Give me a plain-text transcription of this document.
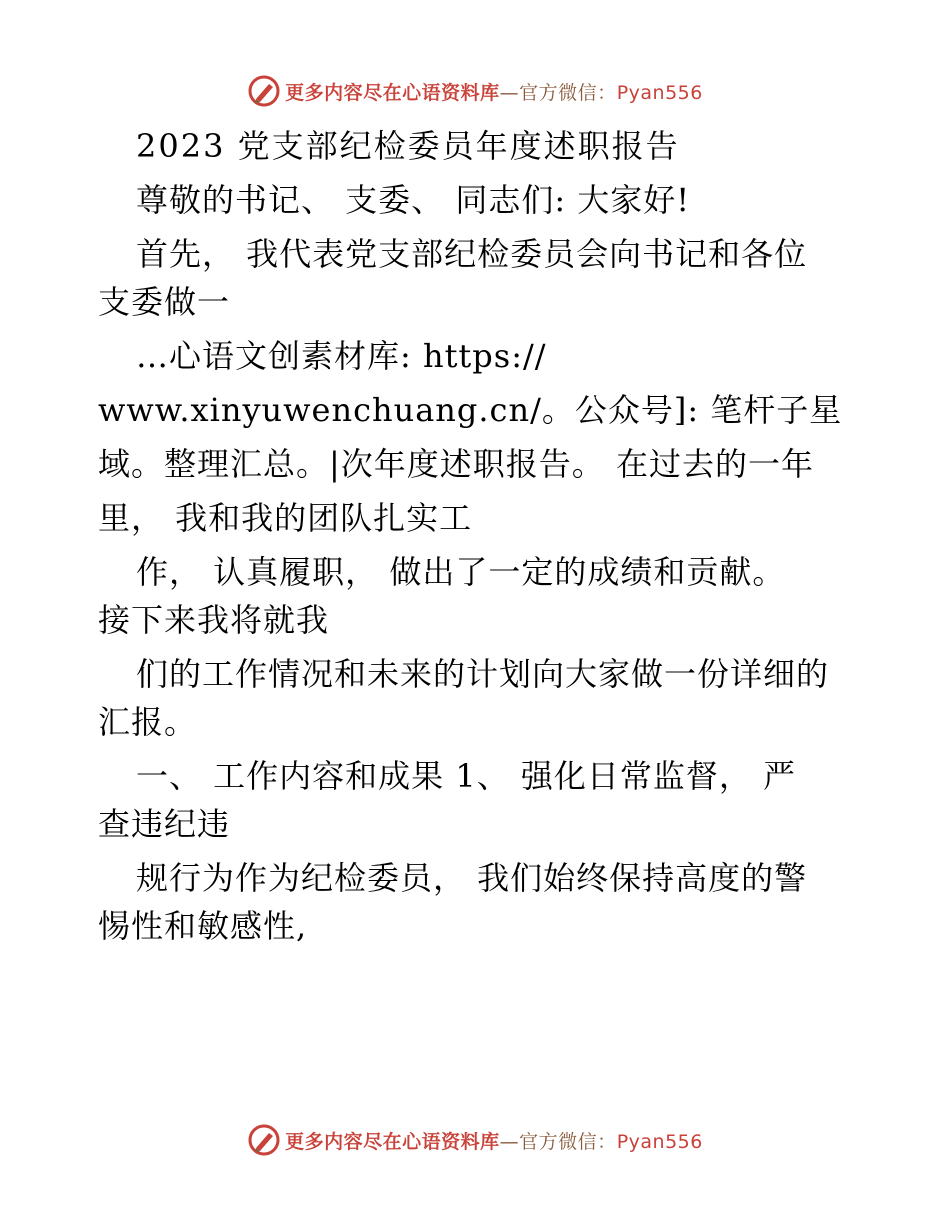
更多内容尽在心语资料库—官方微信：Pyan556

2023 党支部纪检委员年度述职报告

尊敬的书记、 支委、 同志们: 大家好!

首先， 我代表党支部纪检委员会向书记和各位

支委做一

…心语文创素材库: https://

www.xinyuwenchuang.cn/。公众号]: 笔杆子星

域。整理汇总。|次年度述职报告。 在过去的一年

里， 我和我的团队扎实工

作， 认真履职， 做出了一定的成绩和贡献。

接下来我将就我

们的工作情况和未来的计划向大家做一份详细的

汇报。

一、 工作内容和成果 1、 强化日常监督， 严

查违纪违

规行为作为纪检委员， 我们始终保持高度的警

惕性和敏感性,

更多内容尽在心语资料库—官方微信：Pyan556
